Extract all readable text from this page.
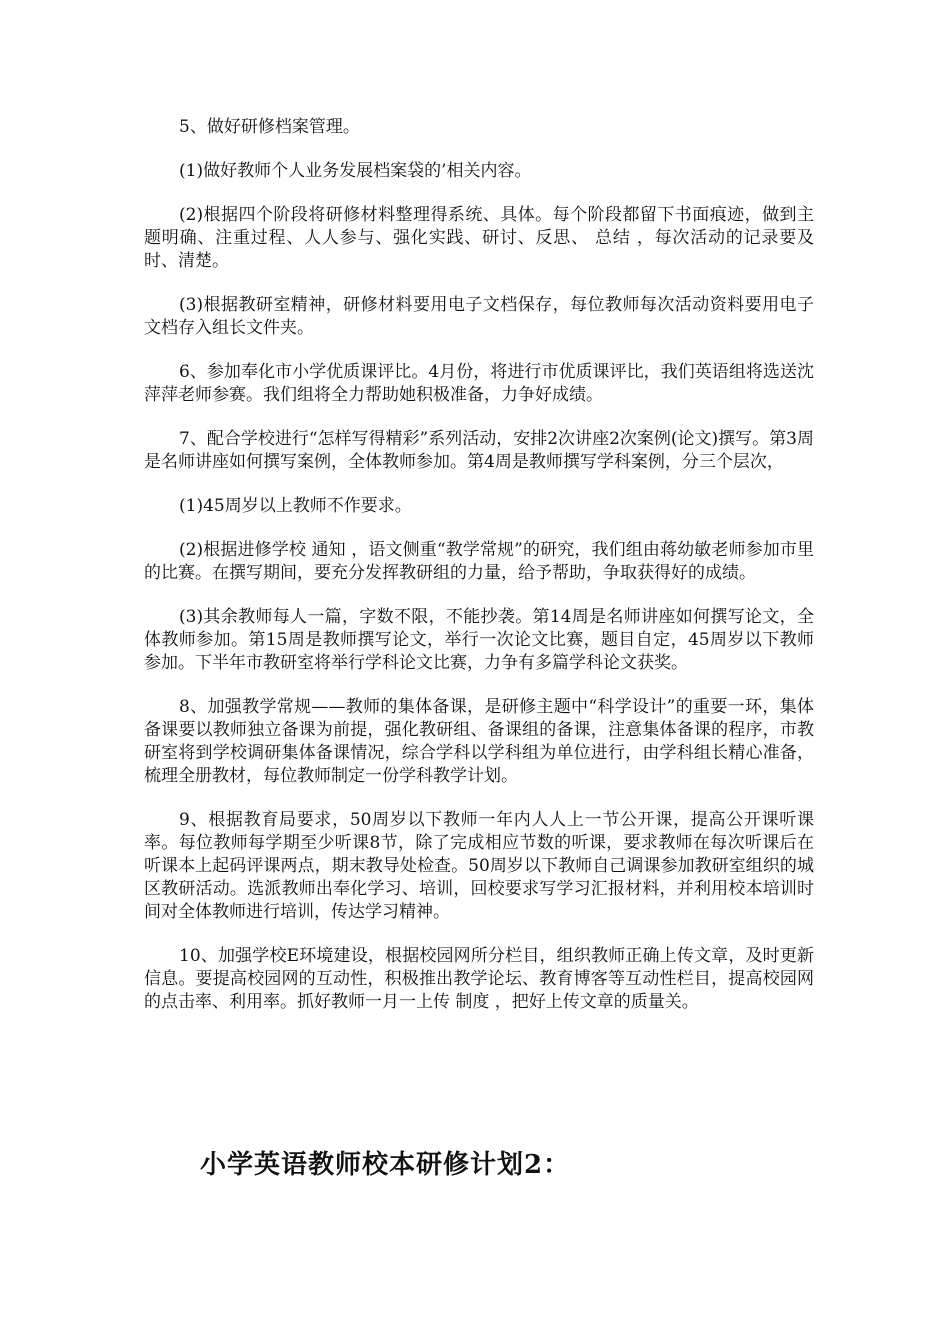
5、做好研修档案管理。

(1)做好教师个人业务发展档案袋的’相关内容。

(2)根据四个阶段将研修材料整理得系统、具体。每个阶段都留下书面痕迹，做到主题明确、注重过程、人人参与、强化实践、研讨、反思、 总结 ，每次活动的记录要及时、清楚。

(3)根据教研室精神，研修材料要用电子文档保存，每位教师每次活动资料要用电子文档存入组长文件夹。

6、参加奉化市小学优质课评比。4月份，将进行市优质课评比，我们英语组将选送沈萍萍老师参赛。我们组将全力帮助她积极准备，力争好成绩。

7、配合学校进行“怎样写得精彩”系列活动，安排2次讲座2次案例(论文)撰写。第3周是名师讲座如何撰写案例，全体教师参加。第4周是教师撰写学科案例，分三个层次，

(1)45周岁以上教师不作要求。

(2)根据进修学校 通知 ，语文侧重“教学常规”的研究，我们组由蒋幼敏老师参加市里的比赛。在撰写期间，要充分发挥教研组的力量，给予帮助，争取获得好的成绩。

(3)其余教师每人一篇，字数不限，不能抄袭。第14周是名师讲座如何撰写论文，全体教师参加。第15周是教师撰写论文，举行一次论文比赛，题目自定，45周岁以下教师参加。下半年市教研室将举行学科论文比赛，力争有多篇学科论文获奖。

8、加强教学常规——教师的集体备课，是研修主题中“科学设计”的重要一环，集体备课要以教师独立备课为前提，强化教研组、备课组的备课，注意集体备课的程序，市教研室将到学校调研集体备课情况，综合学科以学科组为单位进行，由学科组长精心准备，梳理全册教材，每位教师制定一份学科教学计划。

9、根据教育局要求，50周岁以下教师一年内人人上一节公开课，提高公开课听课率。每位教师每学期至少听课8节，除了完成相应节数的听课，要求教师在每次听课后在听课本上起码评课两点，期末教导处检查。50周岁以下教师自己调课参加教研室组织的城区教研活动。选派教师出奉化学习、培训，回校要求写学习汇报材料，并利用校本培训时间对全体教师进行培训，传达学习精神。

10、加强学校E环境建设，根据校园网所分栏目，组织教师正确上传文章，及时更新信息。要提高校园网的互动性，积极推出教学论坛、教育博客等互动性栏目，提高校园网的点击率、利用率。抓好教师一月一上传 制度 ，把好上传文章的质量关。

小学英语教师校本研修计划2：
